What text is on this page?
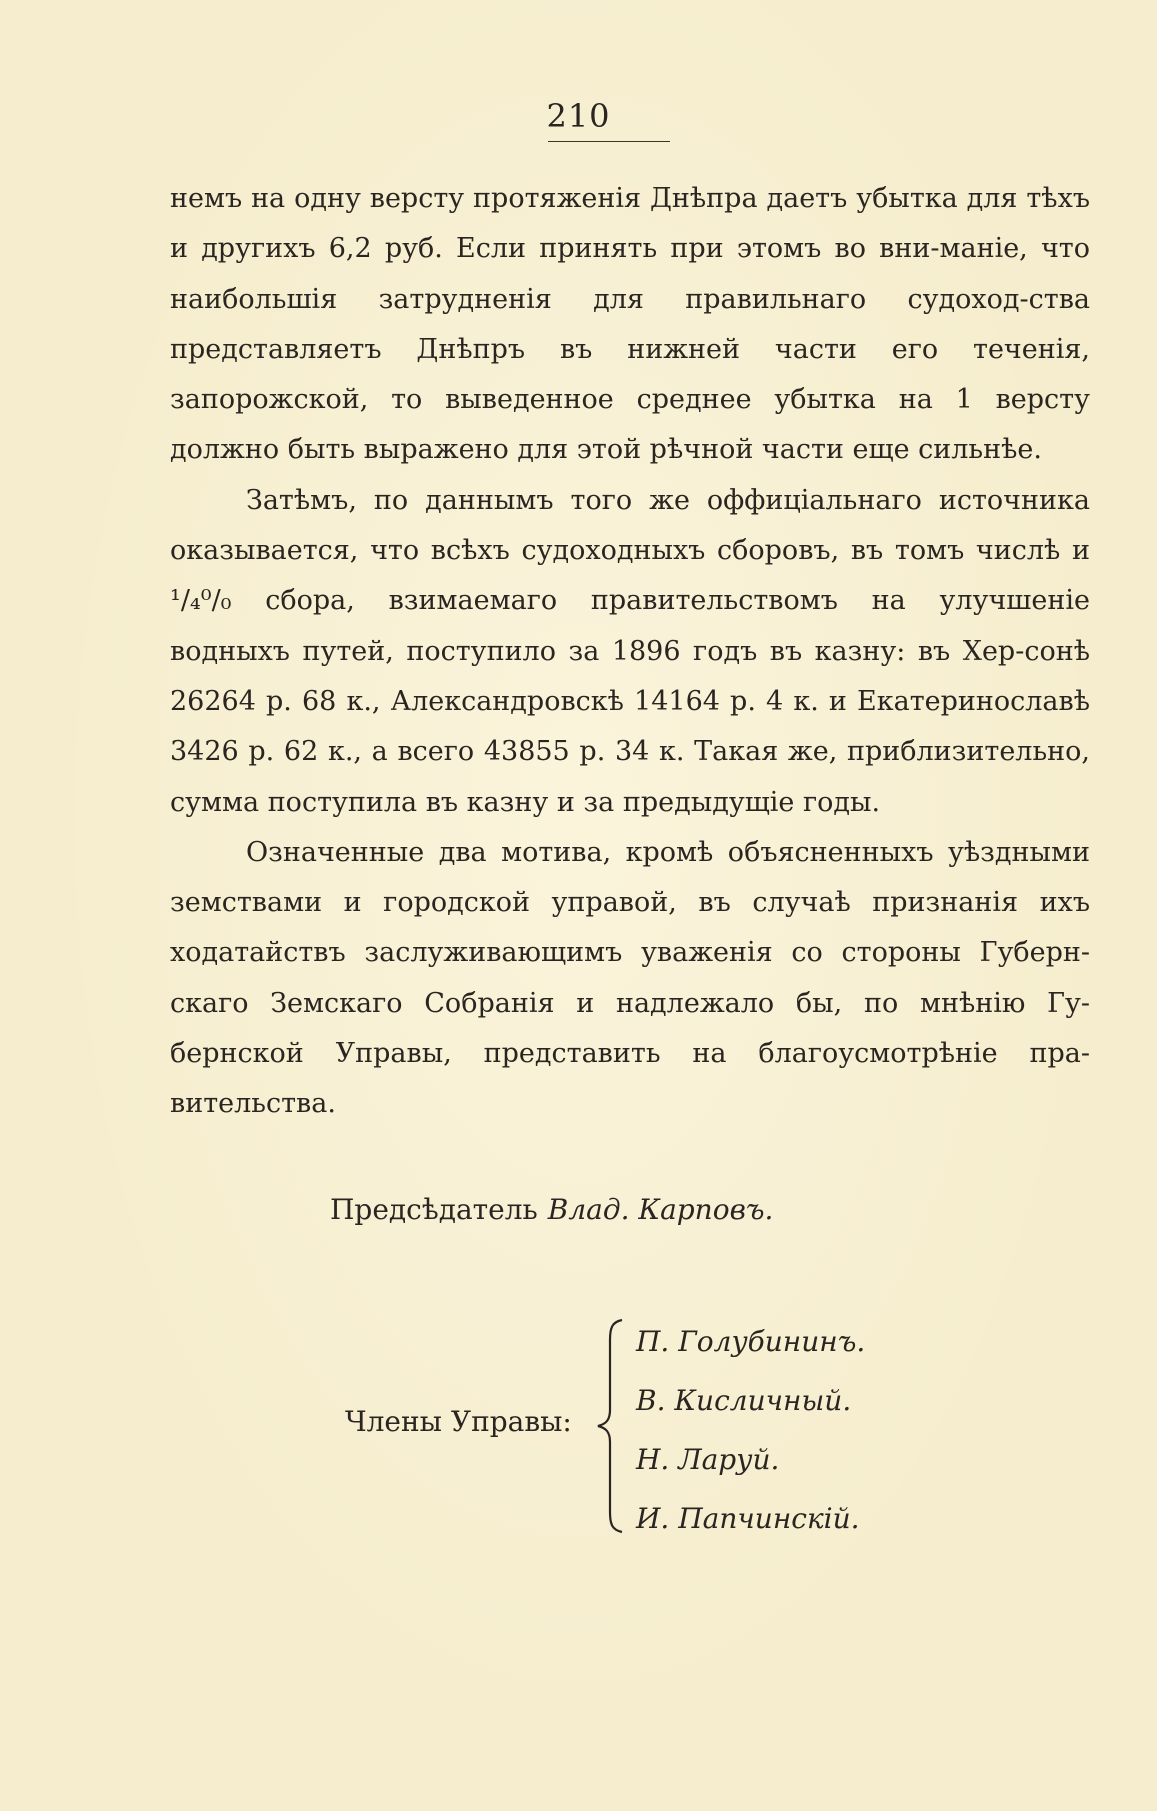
210

немъ на одну версту протяженія Днѣпра даетъ убытка для тѣхъ и другихъ 6,2 руб. Если принять при этомъ во вни-маніе, что наибольшія затрудненія для правильнаго судоход-ства представляетъ Днѣпръ въ нижней части его теченія, запорожской, то выведенное среднее убытка на 1 версту должно быть выражено для этой рѣчной части еще сильнѣе.

Затѣмъ, по даннымъ того же оффиціальнаго источника оказывается, что всѣхъ судоходныхъ сборовъ, въ томъ числѣ и ¹/₄⁰/₀ сбора, взимаемаго правительствомъ на улучшеніе водныхъ путей, поступило за 1896 годъ въ казну: въ Хер-сонѣ 26264 р. 68 к., Александровскѣ 14164 р. 4 к. и Екатеринославѣ 3426 р. 62 к., а всего 43855 р. 34 к. Такая же, приблизительно, сумма поступила въ казну и за предыдущіе годы.

Означенные два мотива, кромѣ объясненныхъ уѣздными земствами и городской управой, въ случаѣ признанія ихъ ходатайствъ заслуживающимъ уваженія со стороны Губерн-скаго Земскаго Собранія и надлежало бы, по мнѣнію Гу-бернской Управы, представить на благоусмотрѣніе пра-вительства.

Предсѣдатель Влад. Карповъ.
Члены Управы:
П. Голубининъ.
В. Кисличный.
Н. Ларуй.
И. Папчинскій.
